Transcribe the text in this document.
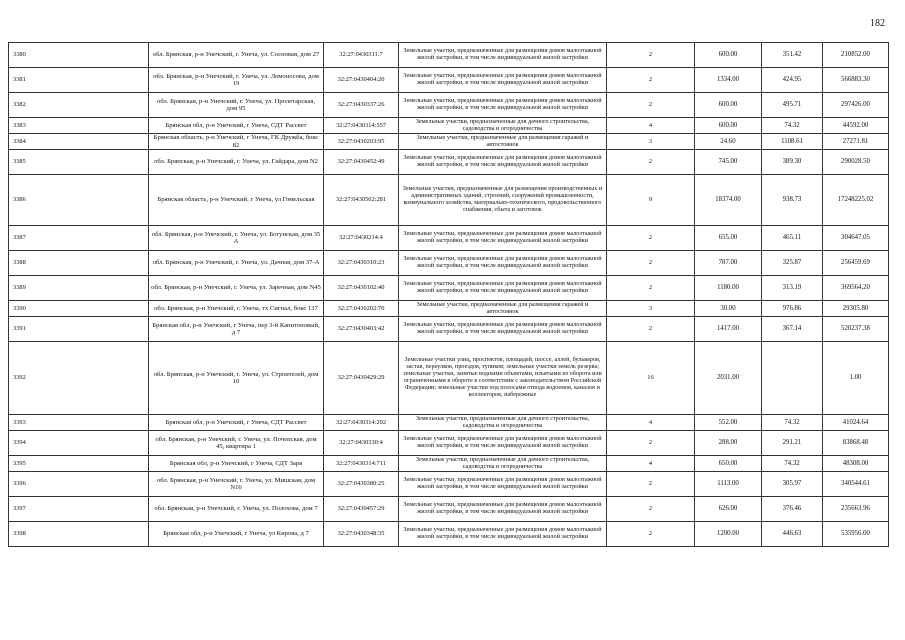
182
3380	обл. Брянская, р-н Унечский, г. Унеча, ул. Сосновая, дом 27	32:27:0430311:7	Земельные участки, предназначенные для размещения домов малоэтажной жилой застройки, в том числе индивидуальной жилой застройки	2	600.00	351.42	210852.00
3381	обл. Брянская, р-н Унечский, г. Унеча, ул. Ломоносова, дом 19	32:27:0430404:20	Земельные участки, предназначенные для размещения домов малоэтажной жилой застройки, в том числе индивидуальной жилой застройки	2	1334.00	424.95	566883.30
3382	обл. Брянская, р-н Унечский, г. Унеча, ул. Пролетарская, дом 95	32:27:0430337:26	Земельные участки, предназначенные для размещения домов малоэтажной жилой застройки, в том числе индивидуальной жилой застройки	2	600.00	495.71	297426.00
3383	Брянская обл, р-н Унечский, г Унеча, СДТ Рассвет	32:27:0430314:357	Земельные участки, предназначенные для дачного строительства, садоводства и огородничества	4	600.00	74.32	44592.00
3384	Брянская область, р-н Унечский, г Унеча, ГК Дружба, бокс 82	32:27:0430203:95	Земельные участки, предназначенные для размещения гаражей и автостоянок	3	24.60	1108.61	27271.81
3385	обл. Брянская, р-н Унечский, г. Унеча, ул. Гайдара, дом N2	32:27:0430452:49	Земельные участки, предназначенные для размещения домов малоэтажной жилой застройки, в том числе индивидуальной жилой застройки	2	745.00	389.30	290028.50
3386	Брянская область, р-н Унечский, г Унеча, ул Гомельская	32:27:0430502:281	Земельные участки, предназначенные для размещения производственных и административных зданий, строений, сооружений промышленности, коммунального хозяйства, материально-технического, продовольственного снабжения, сбыта и заготовок	9	18374.00	938.73	17248225.02
3387	обл. Брянская, р-н Унечский, г. Унеча, ул. Богунская, дом 35 А	32:27:0430214:4	Земельные участки, предназначенные для размещения домов малоэтажной жилой застройки, в том числе индивидуальной жилой застройки	2	655.00	465.11	304647.05
3388	обл. Брянская, р-н Унечский, г. Унеча, ул. Дачная, дом 37-А	32:27:0430310:23	Земельные участки, предназначенные для размещения домов малоэтажной жилой застройки, в том числе индивидуальной жилой застройки	2	787.00	325.87	256459.69
3389	обл. Брянская, р-н Унечский, г. Унеча, ул. Заречная, дом N45	32:27:0430102:40	Земельные участки, предназначенные для размещения домов малоэтажной жилой застройки, в том числе индивидуальной жилой застройки	2	1180.00	313.19	369564.20
3390	обл. Брянская, р-н Унечский, г. Унеча, тх Сигнал, бокс 137	32:27:0430202:70	Земельные участки, предназначенные для размещения гаражей и автостоянок	3	30.00	976.86	29305.80
3391	Брянская обл, р-н Унечский, г Унеча, пер 3-й Капитоновый, д 7	32:27:0430403:42	Земельные участки, предназначенные для размещения домов малоэтажной жилой застройки, в том числе индивидуальной жилой застройки	2	1417.00	367.14	520237.38
3392	обл. Брянская, р-н Унечский, г. Унеча, ул. Строителей, дом 10	32:27:0430429:29	Земельные участки улиц, проспектов, площадей, шоссе, аллей, бульваров, застав, переулков, проездов, тупиков; земельные участки земель резерва; земельные участки, занятые водными объектами, изъятыми из оборота или ограниченными в обороте в соответствии с законодательством Российской Федерации; земельные участки под полосами отвода водоемов, каналов и коллекторов, набережные	16	2031.00		1.00
3393	Брянская обл, р-н Унечский, г Унеча, СДТ Рассвет	32:27:0430314:292	Земельные участки, предназначенные для дачного строительства, садоводства и огородничества	4	552.00	74.32	41024.64
3394	обл. Брянская, р-н Унечский, г. Унеча, ул. Почепская, дом 45, квартира 1	32:27:0430330:4	Земельные участки, предназначенные для размещения домов малоэтажной жилой застройки, в том числе индивидуальной жилой застройки	2	288.00	291.21	83868.48
3395	Брянская обл, р-н Унечский, г Унеча, СДТ Заря	32:27:0430314:711	Земельные участки, предназначенные для дачного строительства, садоводства и огородничества	4	650.00	74.32	48308.00
3396	обл. Брянская, р-н Унечский, г. Унеча, ул. Мишская, дом N16	32:27:0430380:25	Земельные участки, предназначенные для размещения домов малоэтажной жилой застройки, в том числе индивидуальной жилой застройки	2	1113.00	305.97	340544.61
3397	обл. Брянская, р-н Унечский, г. Унеча, ул. Полохова, дом 7	32:27:0430457:29	Земельные участки, предназначенные для размещения домов малоэтажной жилой застройки, в том числе индивидуальной жилой застройки	2	626.00	376.46	235663.96
3398	Брянская обл, р-н Унечский, г Унеча, ул Кирова, д 7	32:27:0430348:35	Земельные участки, предназначенные для размещения домов малоэтажной жилой застройки, в том числе индивидуальной жилой застройки	2	1200.00	446.63	535956.00
